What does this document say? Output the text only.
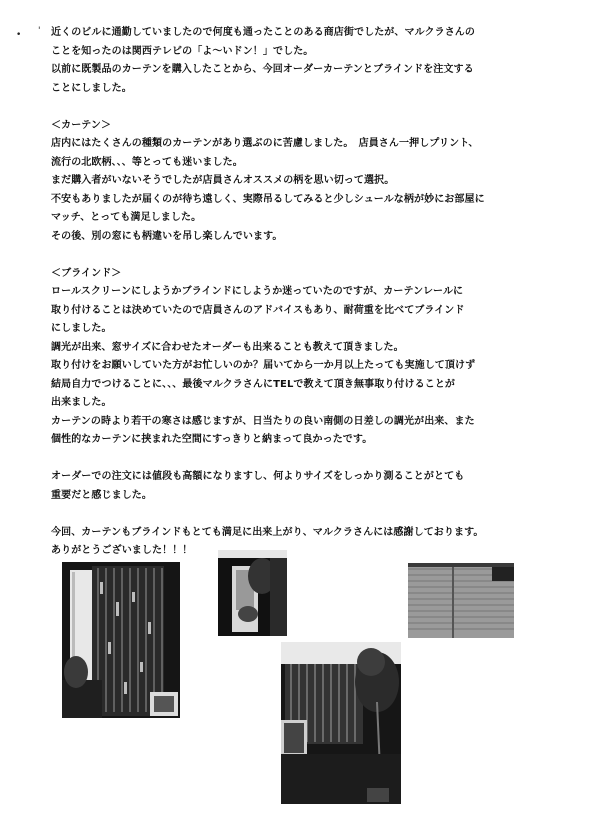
• ' 近くのビルに通勤していましたので何度も通ったことのある商店街でしたが、マルクラさんの
ことを知ったのは関西テレビの「よ～いドン！」でした。
以前に既製品のカーテンを購入したことから、今回オーダーカーテンとブラインドを注文する
ことにしました。
＜カーテン＞
店内にはたくさんの種類のカーテンがあり選ぶのに苦慮しました。　店員さん一押しプリント、
流行の北欧柄、、、等とっても迷いました。
まだ購入者がいないそうでしたが店員さんオススメの柄を思い切って選択。
不安もありましたが届くのが待ち遠しく、実際吊るしてみると少しシュールな柄が妙にお部屋に
マッチ、とっても満足しました。
その後、別の窓にも柄違いを吊し楽しんでいます。
＜ブラインド＞
ロールスクリーンにしようかブラインドにしようか迷っていたのですが、カーテンレールに
取り付けることは決めていたので店員さんのアドバイスもあり、耐荷重を比べてブラインド
にしました。
調光が出来、窓サイズに合わせたオーダーも出来ることも教えて頂きました。
取り付けをお願いしていた方がお忙しいのか？届いてから一か月以上たっても実施して頂けず
結局自力でつけることに、、、最後マルクラさんにTELで教えて頂き無事取り付けることが
出来ました。
カーテンの時より若干の寒さは感じますが、日当たりの良い南側の日差しの調光が出来、また
個性的なカーテンに挟まれた空間にすっきりと納まって良かったです。
オーダーでの注文には値段も高額になりますし、何よりサイズをしっかり測ることがとても
重要だと感じました。
今回、カーテンもブラインドもとても満足に出来上がり、マルクラさんには感謝しております。
ありがとうございました！！！
